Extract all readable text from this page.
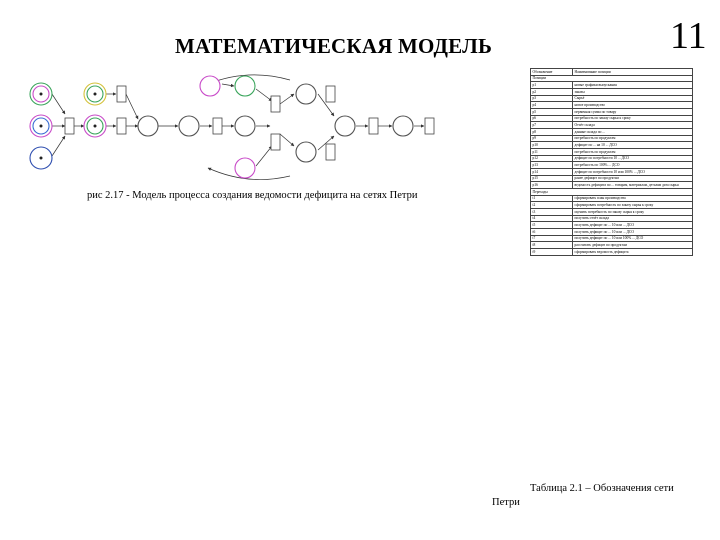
МАТЕМАТИЧЕСКАЯ МОДЕЛЬ	11
рис 2.17 - Модель процесса создания ведомости дефицита на сетях Петри
Обозначение	Наименование позиции
Позиции	
p1	новые графики выпускания
p2	заказы
p3	Сырьё
p4	новое производство
p5	первичная сумма по товару
p6	потребность по заказу сырья к сроку
p7	Отчёт склада
p8	данные склада по ...
p9	потребность по продуктам
p10	дефицит по ... на 10 ... ДСО
p11	потребность по продуктам
p12	дефицит по потребности 10 ... ДСО
p13	потребность по 100% ... ДСО
p14	дефицит по потребности 10 или 100% ... ДСО
p15	ранее дефицит по продуктам
p16	ведомость дефицита по ... товарам, материалам, деталям дата сырья
Переходы	
t1	сформировать план производства
t2	сформировать потребность по заказу сырья к сроку
t3	оценить потребность по заказу сырья к сроку
t4	получить отчёт склада
t5	получить дефицит по ... 10 или ... ДСО
t6	получить дефицит по ... 10 или ... ДСО
t7	получить дефицит по ... 10 или 100% ... ДСО
t8	рассчитать дефицит по продуктам
t9	сформировать ведомость дефицита
Таблица 2.1 – Обозначения сети
Петри
